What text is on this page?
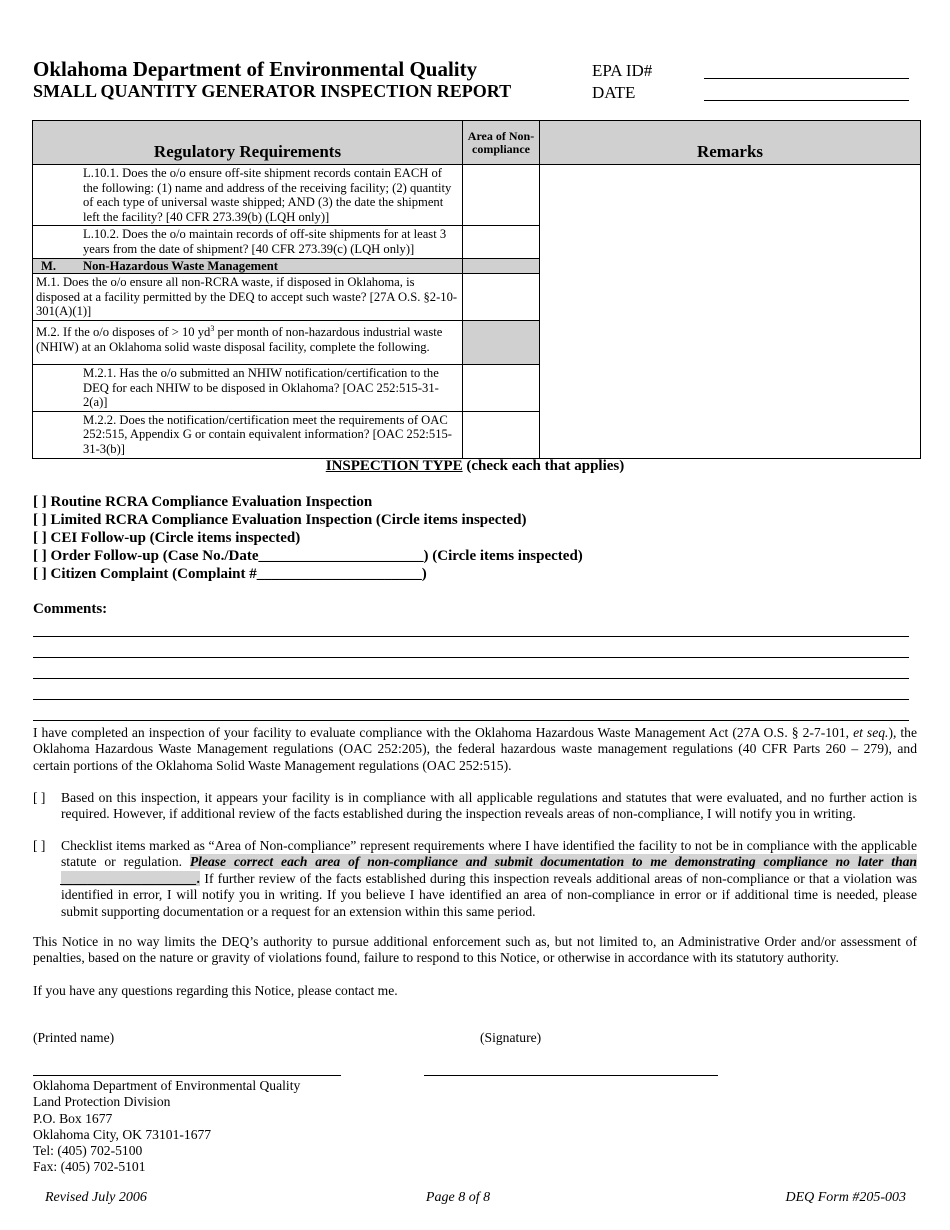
Oklahoma Department of Environmental Quality
SMALL QUANTITY GENERATOR INSPECTION REPORT
EPA ID#
DATE
Regulatory Requirements	Area of Non-compliance	Remarks
L.10.1. Does the o/o ensure off-site shipment records contain EACH of the following: (1) name and address of the receiving facility; (2) quantity of each type of universal waste shipped; AND (3) the date the shipment left the facility? [40 CFR 273.39(b) (LQH only)]		
L.10.2. Does the o/o maintain records of off-site shipments for at least 3 years from the date of shipment? [40 CFR 273.39(c) (LQH only)]		
M. Non-Hazardous Waste Management		
M.1. Does the o/o ensure all non-RCRA waste, if disposed in Oklahoma, is disposed at a facility permitted by the DEQ to accept such waste? [27A O.S. §2-10-301(A)(1)]		
M.2. If the o/o disposes of > 10 $yd^3$ per month of non-hazardous industrial waste (NHIW) at an Oklahoma solid waste disposal facility, complete the following.		
M.2.1. Has the o/o submitted an NHIW notification/certification to the DEQ for each NHIW to be disposed in Oklahoma? [OAC 252:515-31-2(a)]		
M.2.2. Does the notification/certification meet the requirements of OAC 252:515, Appendix G or contain equivalent information? [OAC 252:515-31-3(b)]		
INSPECTION TYPE (check each that applies)
[ ] Routine RCRA Compliance Evaluation Inspection
[ ] Limited RCRA Compliance Evaluation Inspection (Circle items inspected)
[ ] CEI Follow-up (Circle items inspected)
[ ] Order Follow-up (Case No./Date______________________) (Circle items inspected)
[ ] Citizen Complaint (Complaint #______________________)
Comments:
I have completed an inspection of your facility to evaluate compliance with the Oklahoma Hazardous Waste Management Act (27A O.S. § 2-7-101, et seq.), the Oklahoma Hazardous Waste Management regulations (OAC 252:205), the federal hazardous waste management regulations (40 CFR Parts 260 – 279), and certain portions of the Oklahoma Solid Waste Management regulations (OAC 252:515).
[ ] Based on this inspection, it appears your facility is in compliance with all applicable regulations and statutes that were evaluated, and no further action is required. However, if additional review of the facts established during the inspection reveals areas of non-compliance, I will notify you in writing.
[ ] Checklist items marked as “Area of Non-compliance” represent requirements where I have identified the facility to not be in compliance with the applicable statute or regulation. Please correct each area of non-compliance and submit documentation to me demonstrating compliance no later than ____________________. If further review of the facts established during this inspection reveals additional areas of non-compliance or that a violation was identified in error, I will notify you in writing. If you believe I have identified an area of non-compliance in error or if additional time is needed, please submit supporting documentation or a request for an extension within this same period.
This Notice in no way limits the DEQ’s authority to pursue additional enforcement such as, but not limited to, an Administrative Order and/or assessment of penalties, based on the nature or gravity of violations found, failure to respond to this Notice, or otherwise in accordance with its statutory authority.
If you have any questions regarding this Notice, please contact me.
(Printed name)	(Signature)
Oklahoma Department of Environmental Quality
Land Protection Division
P.O. Box 1677
Oklahoma City, OK 73101-1677
Tel: (405) 702-5100
Fax: (405) 702-5101
Revised July 2006	Page 8 of 8	DEQ Form #205-003
